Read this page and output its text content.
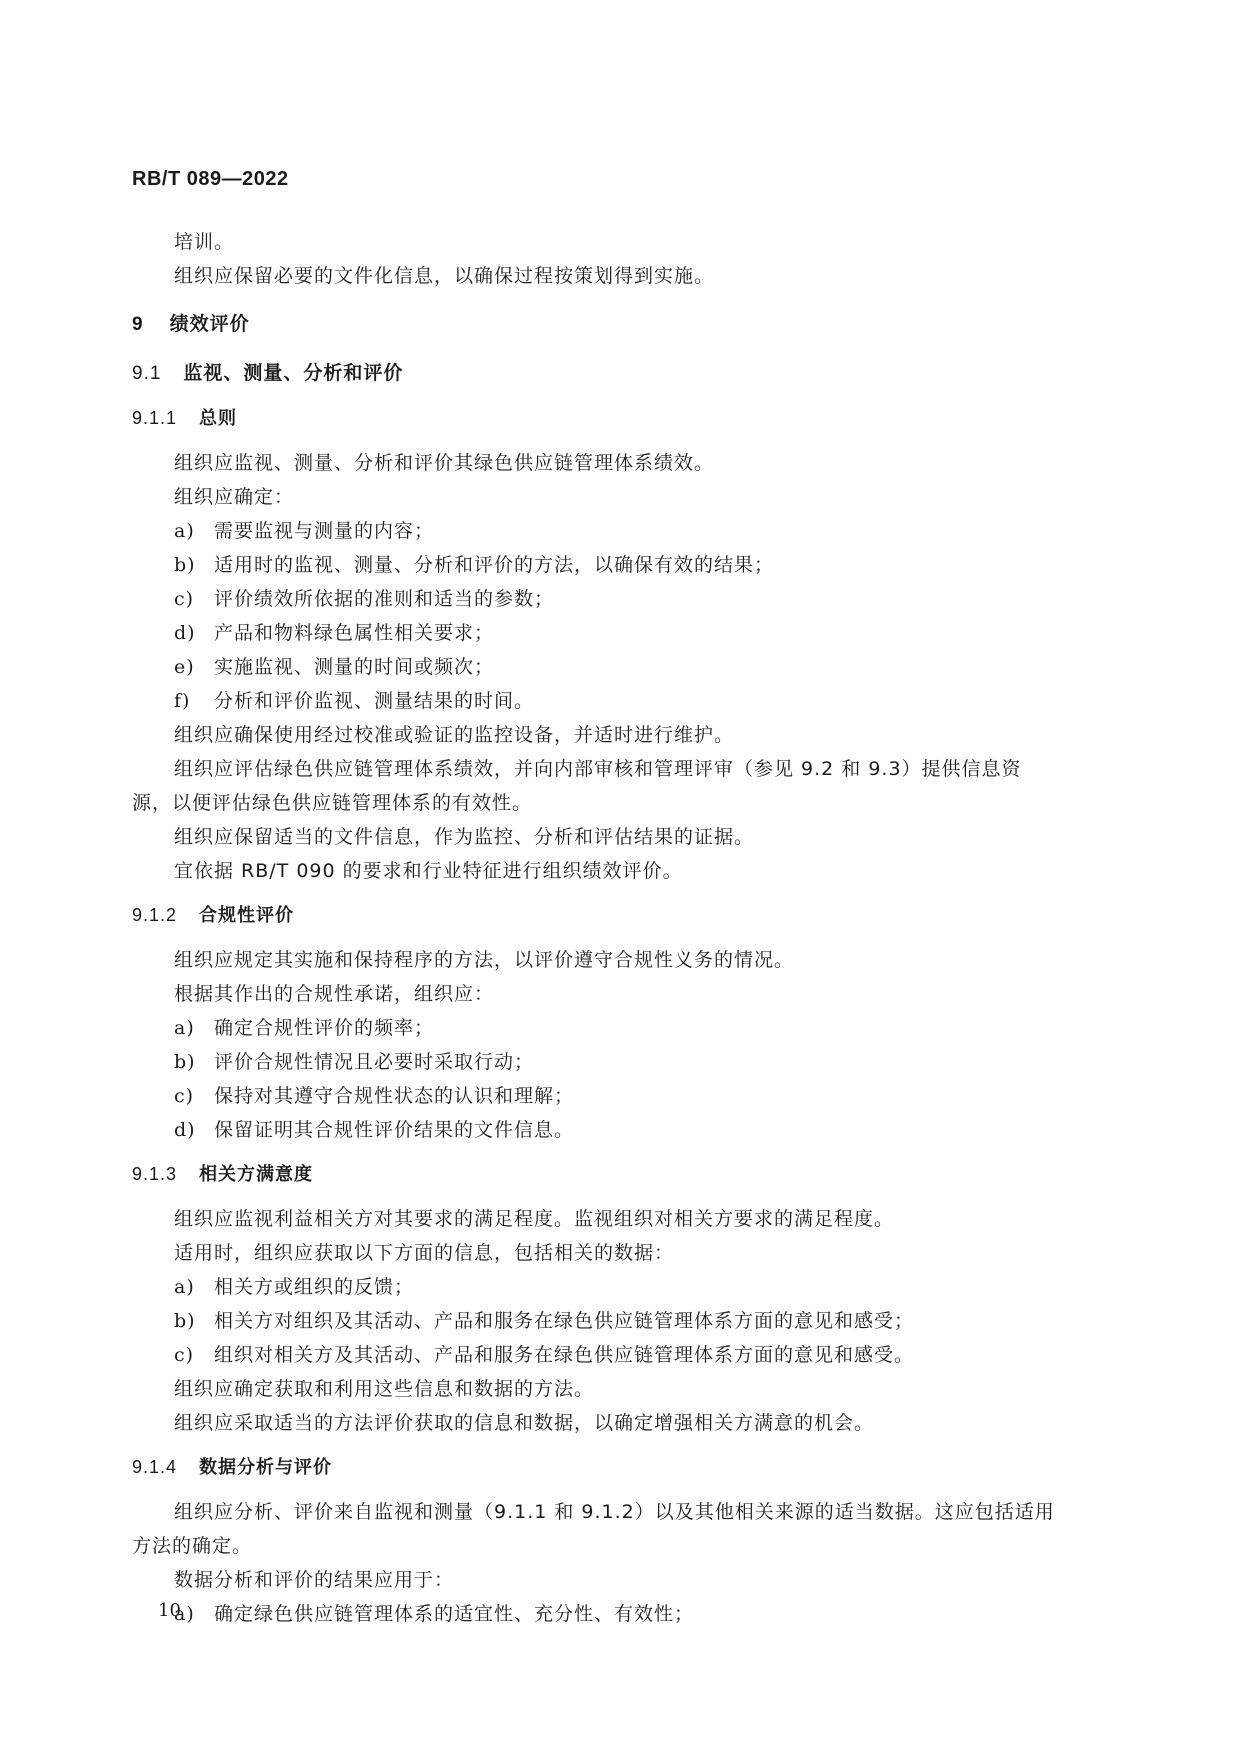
RB/T 089—2022
培训。
组织应保留必要的文件化信息，以确保过程按策划得到实施。
9 绩效评价
9.1 监视、测量、分析和评价
9.1.1 总则
组织应监视、测量、分析和评价其绿色供应链管理体系绩效。
组织应确定：
a) 需要监视与测量的内容；
b) 适用时的监视、测量、分析和评价的方法，以确保有效的结果；
c) 评价绩效所依据的准则和适当的参数；
d) 产品和物料绿色属性相关要求；
e) 实施监视、测量的时间或频次；
f) 分析和评价监视、测量结果的时间。
组织应确保使用经过校准或验证的监控设备，并适时进行维护。
组织应评估绿色供应链管理体系绩效，并向内部审核和管理评审（参见 9.2 和 9.3）提供信息资
源，以便评估绿色供应链管理体系的有效性。
组织应保留适当的文件信息，作为监控、分析和评估结果的证据。
宜依据 RB/T 090 的要求和行业特征进行组织绩效评价。
9.1.2 合规性评价
组织应规定其实施和保持程序的方法，以评价遵守合规性义务的情况。
根据其作出的合规性承诺，组织应：
a) 确定合规性评价的频率；
b) 评价合规性情况且必要时采取行动；
c) 保持对其遵守合规性状态的认识和理解；
d) 保留证明其合规性评价结果的文件信息。
9.1.3 相关方满意度
组织应监视利益相关方对其要求的满足程度。监视组织对相关方要求的满足程度。
适用时，组织应获取以下方面的信息，包括相关的数据：
a) 相关方或组织的反馈；
b) 相关方对组织及其活动、产品和服务在绿色供应链管理体系方面的意见和感受；
c) 组织对相关方及其活动、产品和服务在绿色供应链管理体系方面的意见和感受。
组织应确定获取和利用这些信息和数据的方法。
组织应采取适当的方法评价获取的信息和数据，以确定增强相关方满意的机会。
9.1.4 数据分析与评价
组织应分析、评价来自监视和测量（9.1.1 和 9.1.2）以及其他相关来源的适当数据。这应包括适用
方法的确定。
数据分析和评价的结果应用于：
a) 确定绿色供应链管理体系的适宜性、充分性、有效性；
10
